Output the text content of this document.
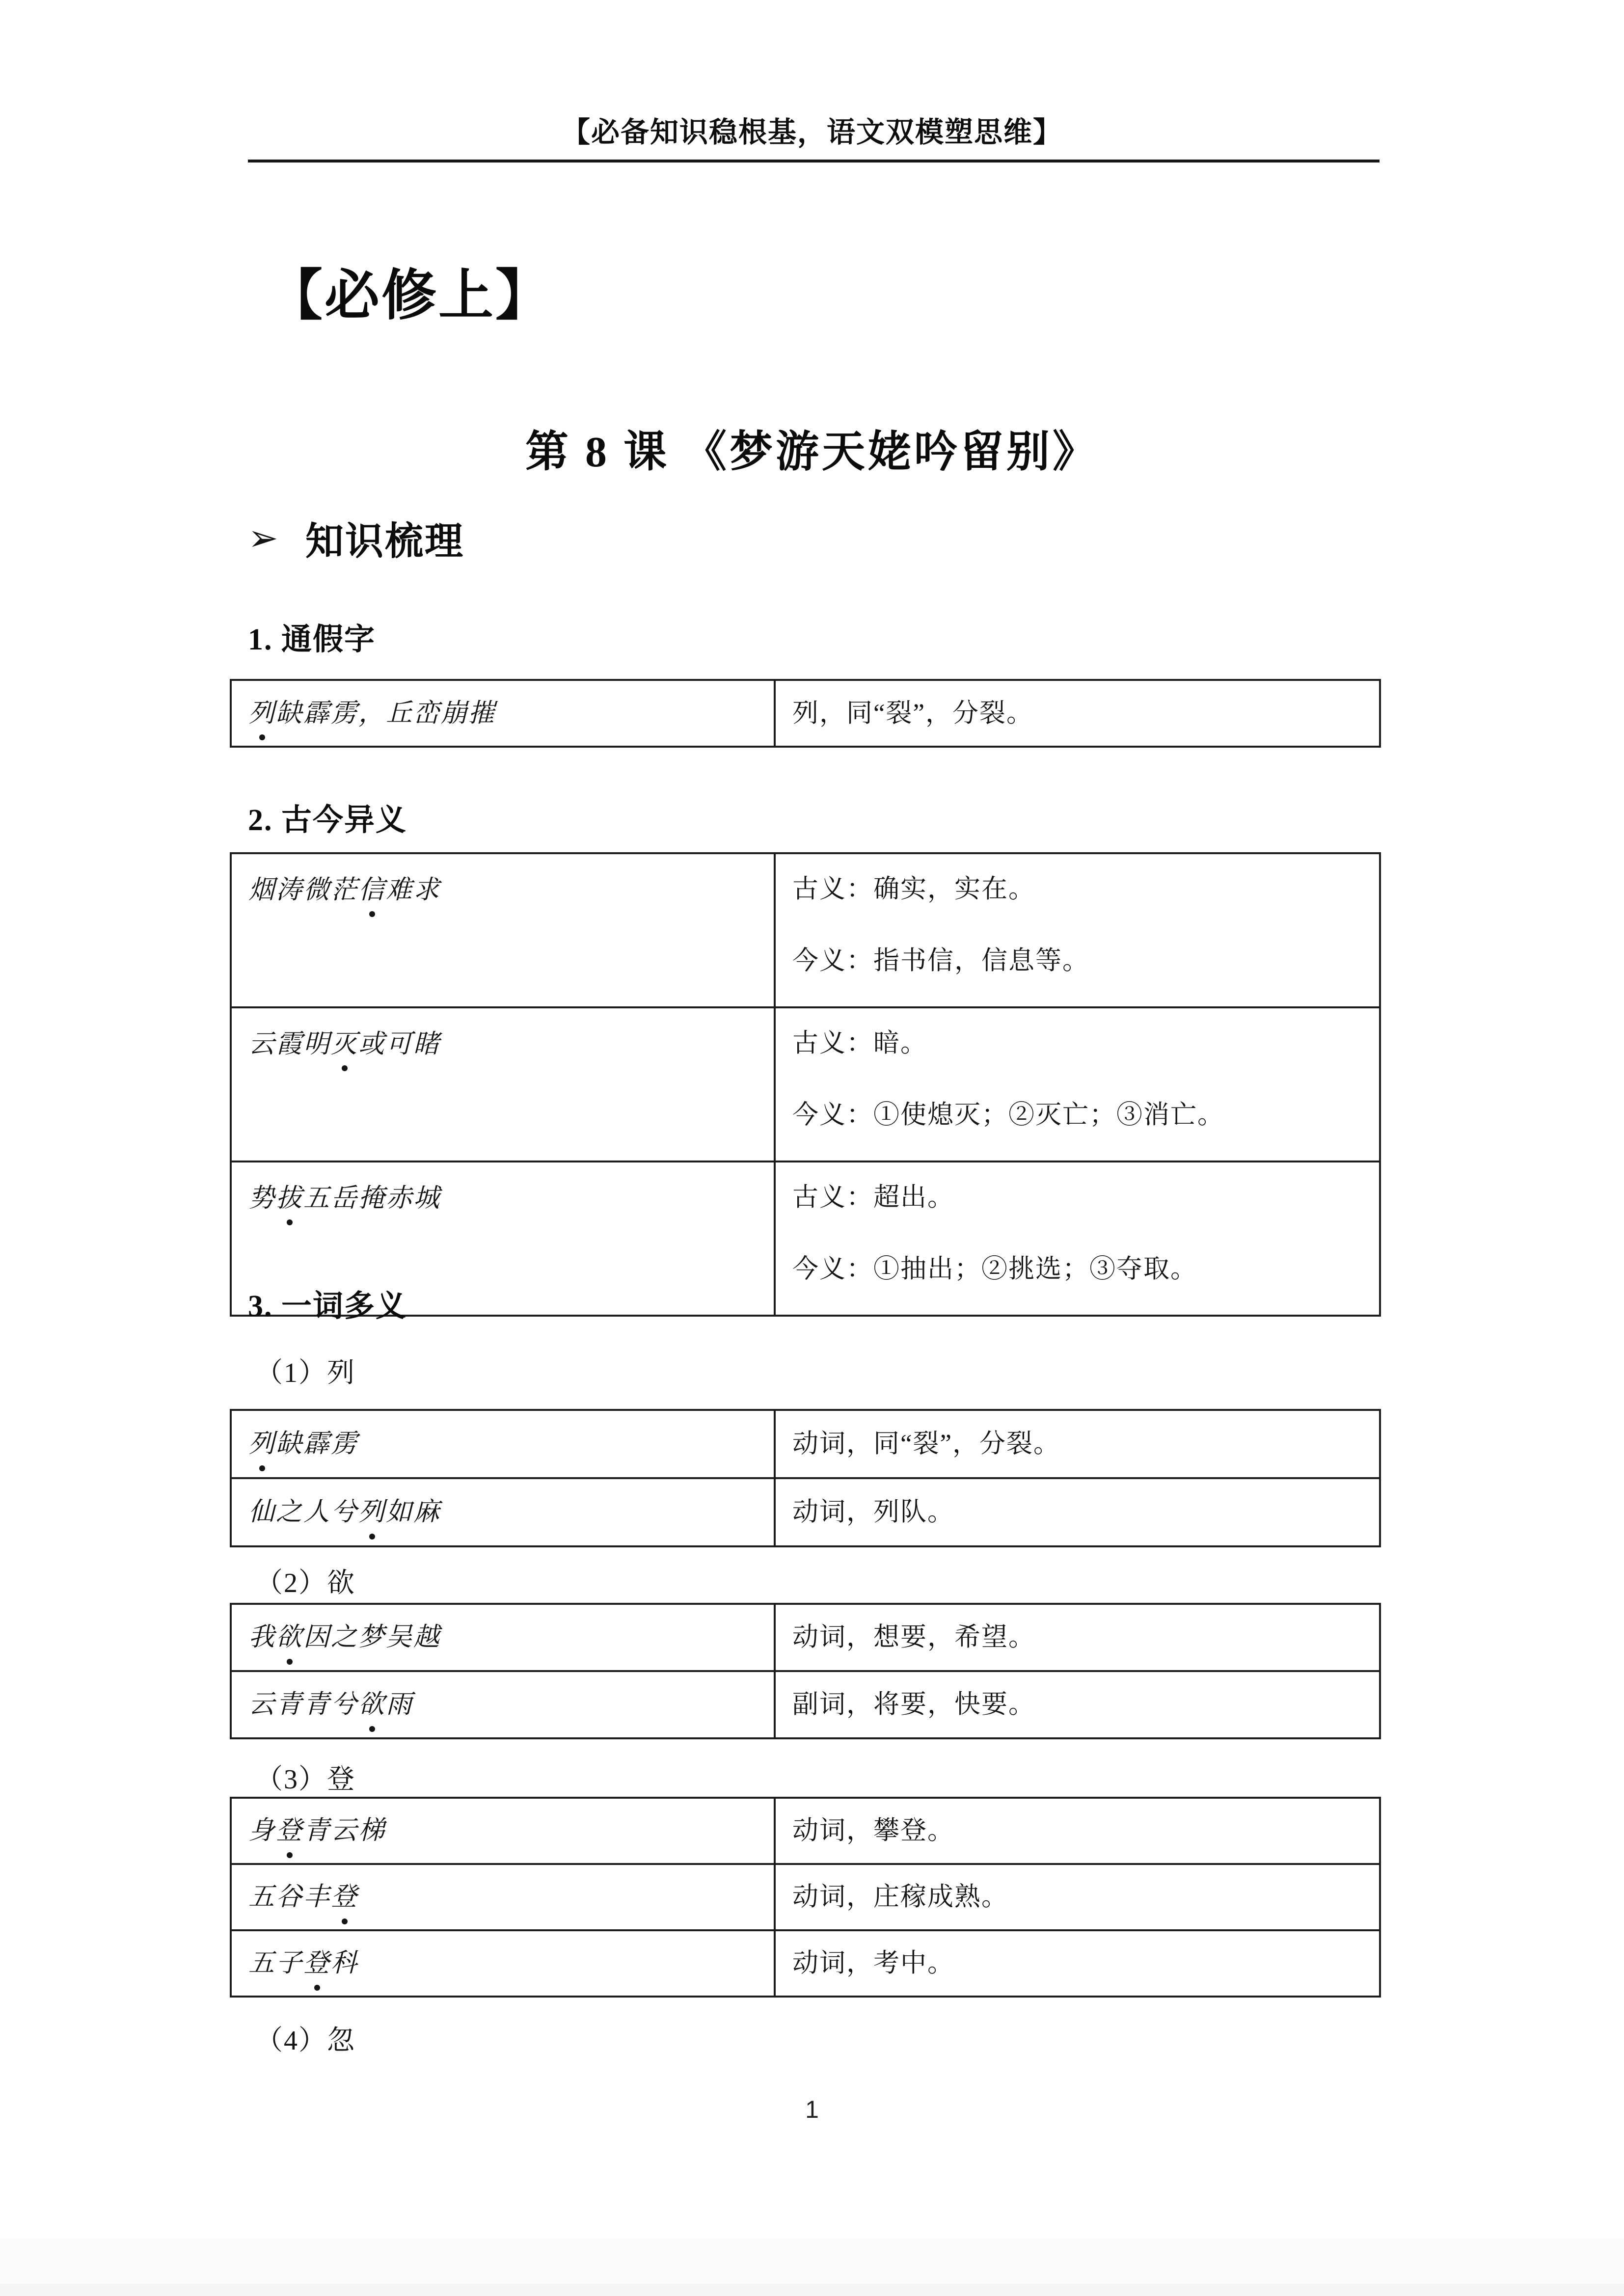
【必备知识稳根基，语文双模塑思维】
【必修上】
第 8 课 《梦游天姥吟留别》
➢ 知识梳理
1. 通假字
列缺霹雳，丘峦崩摧	列，同“裂”，分裂。
2. 古今异义
烟涛微茫信难求	古义：确实，实在。

今义：指书信，信息等。

云霞明灭或可睹	古义：暗。

今义：①使熄灭；②灭亡；③消亡。

势拔五岳掩赤城	古义：超出。

今义：①抽出；②挑选；③夺取。

3. 一词多义
（1）列
列缺霹雳	动词，同“裂”，分裂。
仙之人兮列如麻	动词，列队。
（2）欲
我欲因之梦吴越	动词，想要，希望。
云青青兮欲雨	副词，将要，快要。
（3）登
身登青云梯	动词，攀登。
五谷丰登	动词，庄稼成熟。
五子登科	动词，考中。
（4）忽
1
